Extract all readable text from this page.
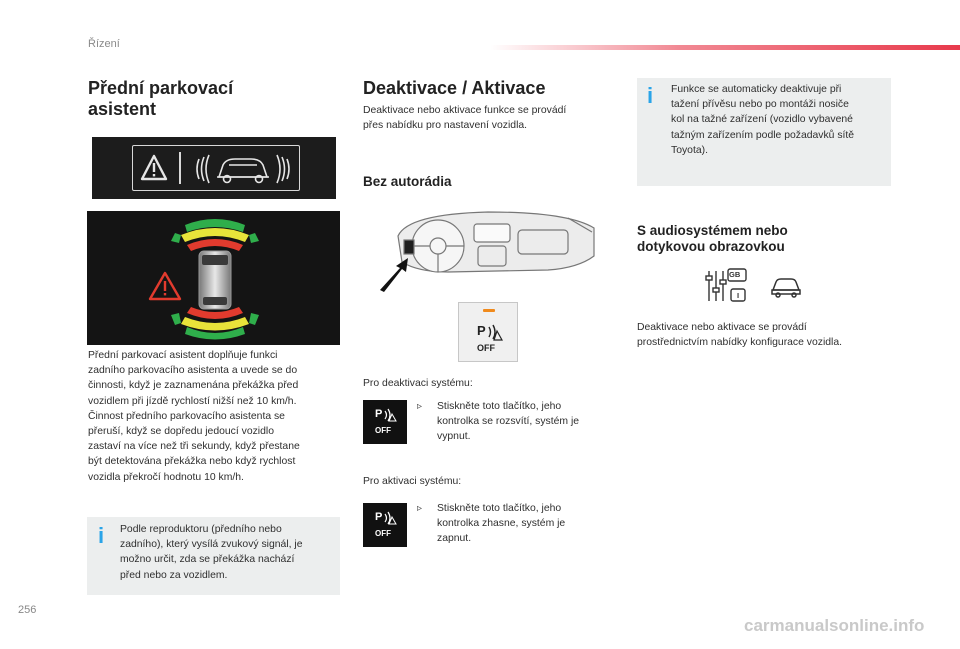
Řízení
Přední parkovací
asistent
Přední parkovací asistent doplňuje funkci
zadního parkovacího asistenta a uvede se do
činnosti, když je zaznamenána překážka před
vozidlem při jízdě rychlostí nižší než 10 km/h.
Činnost předního parkovacího asistenta se
přeruší, když se dopředu jedoucí vozidlo
zastaví na více než tři sekundy, když přestane
být detektována překážka nebo když rychlost
vozidla překročí hodnotu 10 km/h.
i Podle reproduktoru (předního nebo
zadního), který vysílá zvukový signál, je
možno určit, zda se překážka nachází
před nebo za vozidlem.
Deaktivace / Aktivace
Deaktivace nebo aktivace funkce se provádí
přes nabídku pro nastavení vozidla.
Bez autorádia
P
OFF
Pro deaktivaci systému:
P
OFF
▹ Stiskněte toto tlačítko, jeho
kontrolka se rozsvítí, systém je
vypnut.
Pro aktivaci systému:
P
OFF
▹ Stiskněte toto tlačítko, jeho
kontrolka zhasne, systém je
zapnut.
i Funkce se automaticky deaktivuje při
tažení přívěsu nebo po montáži nosiče
kol na tažné zařízení (vozidlo vybavené
tažným zařízením podle požadavků sítě
Toyota).
S audiosystémem nebo
dotykovou obrazovkou
GB
I
Deaktivace nebo aktivace se provádí
prostřednictvím nabídky konfigurace vozidla.
256
carmanualsonline.info
